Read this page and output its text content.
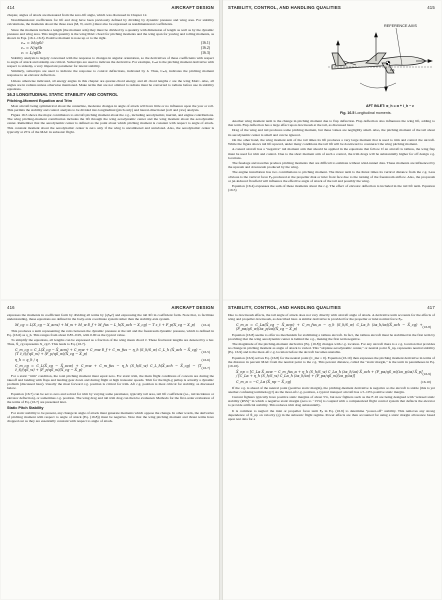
414	AIRCRAFT DESIGN

chapter, angles of attack are measured from the zero-lift angle, which was discussed in Chapter 12.

Nondimensional coefficients for lift and drag have been previously defined by dividing by dynamic pressure and wing area. For stability calculations, the moments about the three axes (M, N, and L) must also be expressed as nondimensional coefficients.

Since the moments include a length (the moment arm) they must be divided by a quantity with dimension of length as well as by the dynamic pressure and wing area. This length quantity is the wing MAC chord for pitching moments and the wing span for yawing and rolling moments, as shown in Eqs. (16.1–16.3). Positive moment is nose up or to the right.

cₘ = M/qSc̄	(16.1)
cₙ = N/qSb	(16.2)
cₗ = L/qSb	(16.3)

Stability analysis is largely concerned with the response to changes in angular orientation, so the derivatives of these coefficients with respect to angle of attack and sideslip are critical. Subscripts are used to indicate the derivative. For example, Cₘα is the pitching moment derivative with respect to sideslip, a very important parameter for lateral stability.

Similarly, subscripts are used to indicate the response to control deflections, indicated by δ. Thus, Cₘδₑ indicates the pitching moment response to an elevator deflection.

Unless otherwise indicated, all energy angles in this chapter are quarter-chord energy, and all chord lengths c are the wing MAC. Also, all angles are in radians unless otherwise mentioned. Make terms that are not omitted to radians must be converted to radians before use in stability equations.

16.3 LONGITUDINAL STATIC STABILITY AND CONTROL
Pitching-Moment Equation and Trim

Most aircraft being symmetrical about the centerline, moderate changes in angle of attack will have little or no influence upon the yaw or roll. This permits the stability and control analysis to be divided into longitudinal (pitch only) and lateral-directional (roll and yaw) analysis.

Figure 16.5 shows the major contributors to aircraft pitching moment about the c.g., including aerodynamic, inertial, and engine contributions. The wing pitching-moment contribution includes the lift through the wing aerodynamic center and the wing moment about the aerodynamic center. Remember that the aerodynamic center is defined as the point about which pitching moment is constant with respect to angle of attack. This constant moment about the aerodynamic center is zero only if the wing is uncambered and untwisted. Also, the aerodynamic center is typically at 25% of the MAC in subsonic flight.

STABILITY, CONTROL, AND HANDLING QUALITIES	415
REFERENCE AXIS
AFT INLET: α_h = α + i_h − ε
c.g.
Fig. 16.5 Longitudinal moments.

Another wing moment term is the change in pitching moment due to flap deflection. Flap deflection also influences the wing lift, adding to that term. Flap deflection has a large effect upon downwash at the tail, as discussed later.

Drag of the wing and tail produces some pitching moment, but these values are negligibly small. Also, the pitching moment of the tail about its aerodynamic center is small and can be ignored.

On the other hand, the wing moment arm of the tail times its lift produces a very large moment that is used to trim and control the aircraft. While the figure shows tail lift upward, under many conditions the tail lift will be downward to counteract the wing pitching moment.

A canard aircraft has a "negative" tail moment arm that should be applied in the equations that follow. If an aircraft is tailless, the wing flap must be used for trim and control. Due to the short moment arm of such a control, the trim drags will be substantially higher for off design c.g. locations.

The fuselage and nacelles produce pitching moments that are difficult to estimate without wind-tunnel data. These moments are influenced by the upwash and downwash produced by the wing.

The engine installation has two contributions to pitching moment. The thrust term is the thrust times its vertical distance from the c.g. Less obvious is the vertical force Fₚ produced at the propeller disk or inlet front face due to the turning of the freestream airflow. Also, the propwash or jet-induced flowfield will influence the effective angle of attack of the tail and possibly the wing.

Equation (16.4) expresses the sum of these moments about the c.g. The effect of elevator deflection is included in the tail lift term. Equation (16.5)

416	AIRCRAFT DESIGN

expresses the moments in coefficient form by dividing all terms by (qSₚc̄) and expressing the tail lift in coefficient form. Note that, to facilitate understanding, these equations are defined in the body-axis coordinate system rather than the stability-axis system.

M_cg = L(X_cg − X_acw) + M_w + M_w δ_f + M_fus − L_h(X_ach − X_cg) − T z_t + F_p(X_cg − X_p) (16.4)

This produces a term representing the ratio between the dynamic pressure at the tail and the freestream dynamic pressure, which is defined in Eq. (16.6) as η_h. This ranges from about 0.85–0.95, with 0.90 as the typical value.

To simplify the equations, all lengths can be expressed as a fraction of the wing mean chord c̄. These fractional lengths are denoted by a bar. Thus, X̄_cg represents X_cg/c̄. This leads to Eq. (16.7).

C_m_cg = C_L(X̄_cg − X̄_acw) + C_mw + C_mw δ_f + C_m_fus − η_h (S_h/S_w) C_L_h (X̄_ach − X̄_cg) − (T z̄_t)/(qS_w) + (F_p/qS_w)(X̄_cg − X̄_p)
(16.5)
η_h = q_h / q	(16.6)
C_m_cg = C_L(X̄_cg − X̄_acw) + C_mw + C_m_fus − η_h (S_h/S_w) C_L_h(X̄_ach − X̄_cg) − (T z̄_t)/(qS_w) + (F_p/qS_w)(X̄_cg − X̄_p)
(16.7)

For a static "trim" condition, the total pitching moment must equal zero. For static trim, the main flight conditions of concern are during the takeoff and landing with flaps and landing gear down and during flight at high transonic speeds. Trim for the high-g pullup is actually a dynamic problem (discussed later). Usually the most forward c.g. position is critical for trim. Aft c.g. position is most critical for stability, as discussed below.

Equation (16.7) can be set to zero and solved for trim by varying some parameter, typically tail area, tail lift coefficient (i.e., tail incidence or elevator deflection), or sometimes c.g. position. The wing drag and tail trim drag can then be evaluated. Methods for the first-order evaluation of the terms of Eq. (16.7) are presented later.

Static Pitch Stability

For static stability to be present, any change in angle of attack must generate moments which oppose the change. In other words, the derivative of pitching moment with respect to angle of attack (Eq. (16.8)) must be negative. Note that the wing pitching moment and thrust terms have dropped out as they are essentially constant with respect to angle of attack.

STABILITY, CONTROL, AND HANDLING QUALITIES	417

Due to downwash effects, the tail angle of attack does not vary directly with aircraft angle of attack. A derivative term accounts for the effects of wing and propeller downwash, as described later. A similar derivative is provided for the propeller or inlet normal force Fₚ.

C_m_α = C_Lα(X̄_cg − X̄_acw) + C_m_fus_α − η_h (S_h/S_w) C_Lα_h (∂α_h/∂α)(X̄_ach − X̄_cg) + (F_pα/qS_w)(∂α_p/∂α)(X̄_cg − X̄_p)
(16.8)

Equation (16.8) seems to offer no mechanism for stabilizing a tailless aircraft. In fact, the tailless aircraft must be stabilized in the first term by providing that the wing aerodynamic center is behind the c.g., making the first term negative.

The magnitude of the pitching-moment derivative [Eq. (16.8)] changes with c.g. location. For any aircraft there is a c.g. location that provides no change in pitching moment as angle of attack is varied. This "airplane aerodynamic center," or neutral point X̄_np, represents neutral stability (Eq. 16.9) and is the most-aft c.g. location before the aircraft becomes unstable.

Equation (16.9) solves Eq. (16.8) for the neutral point (C_mα = 0). Equation (16.10) then expresses the pitching moment derivative in terms of the distance in percent MAC from the neutral point to the c.g. This percent distance, called the "static margin," is the term in parentheses in Eq. (16.10).

X̄_np = [C_Lα X̄_acw − C_m_fus_α + η_h (S_h/S_w) C_Lα_h (∂α_h/∂α) X̄_ach + (F_pα/qS_w)(∂α_p/∂α) X̄_p] / [C_Lα + η_h (S_h/S_w) C_Lα_h (∂α_h/∂α) + (F_pα/qS_w)(∂α_p/∂α)]
(16.9)
C_m_α = −C_Lα (X̄_np − X̄_cg)	(16.10)

If the c.g. is ahead of the neutral point (positive static margin), the pitching-moment derivative is negative so the aircraft is stable (this is yet another confusing terminology!) As the most-aft c.g. position, a typical transport aircraft has a 5–10% positive static margin.

Current fighters typically have positive static margins of about 5%, but new fighters such as the F-16 are being designed with "relaxed static stability (RSS)" in which a negative static margin (zero to −15%) is coupled with a computerized flight control system that deflects the elevator to provide artificial stability. This reduces trim drag substantially.

It is common to neglect the inlet or propeller force term Fₚ in Eq. (16.9) to determine "power-off" stability. This removes any strong dependence of X̄_np on velocity (q) in the subsonic flight regime. Power effects are then accounted for using a static margin allowance based upon test data for a
